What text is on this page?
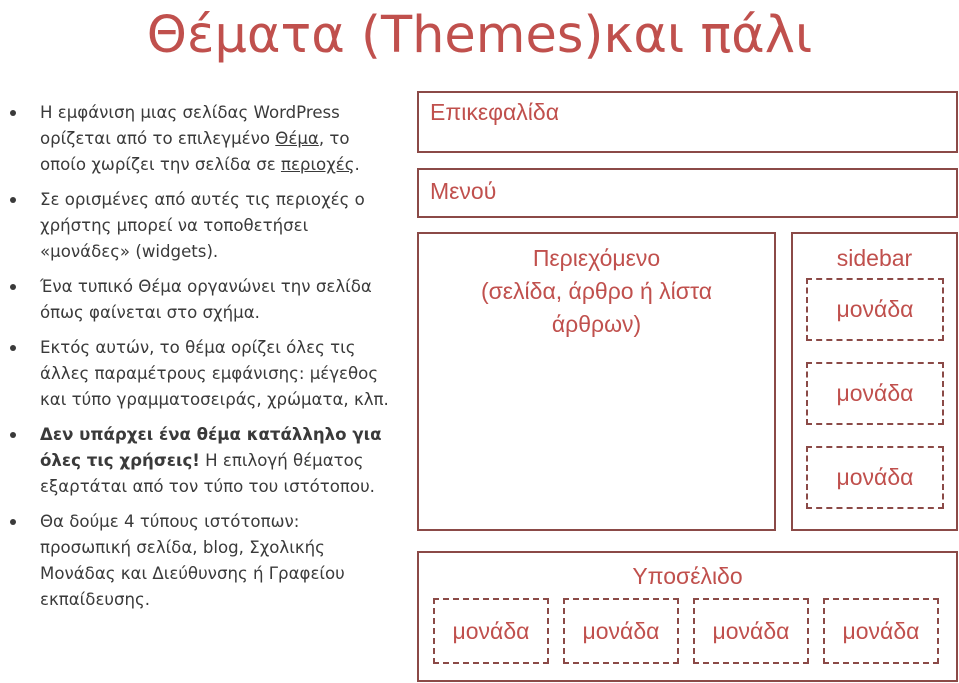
Θέματα (Themes)και πάλι
Η εμφάνιση μιας σελίδας WordPress ορίζεται από το επιλεγμένο Θέμα, το οποίο χωρίζει την σελίδα σε περιοχές.
Σε ορισμένες από αυτές τις περιοχές ο χρήστης μπορεί να τοποθετήσει «μονάδες» (widgets).
Ένα τυπικό Θέμα οργανώνει την σελίδα όπως φαίνεται στο σχήμα.
Εκτός αυτών, το θέμα ορίζει όλες τις άλλες παραμέτρους εμφάνισης: μέγεθος και τύπο γραμματοσειράς, χρώματα, κλπ.
Δεν υπάρχει ένα θέμα κατάλληλο για όλες τις χρήσεις! Η επιλογή θέματος εξαρτάται από τον τύπο του ιστότοπου.
Θα δούμε 4 τύπους ιστότοπων: προσωπική σελίδα, blog, Σχολικής Μονάδας και Διεύθυνσης ή Γραφείου εκπαίδευσης.
Επικεφαλίδα
Μενού
Περιεχόμενο
(σελίδα, άρθρο ή λίστα
άρθρων)
sidebar
μονάδα
μονάδα
μονάδα
Υποσέλιδο
μονάδα μονάδα μονάδα μονάδα
